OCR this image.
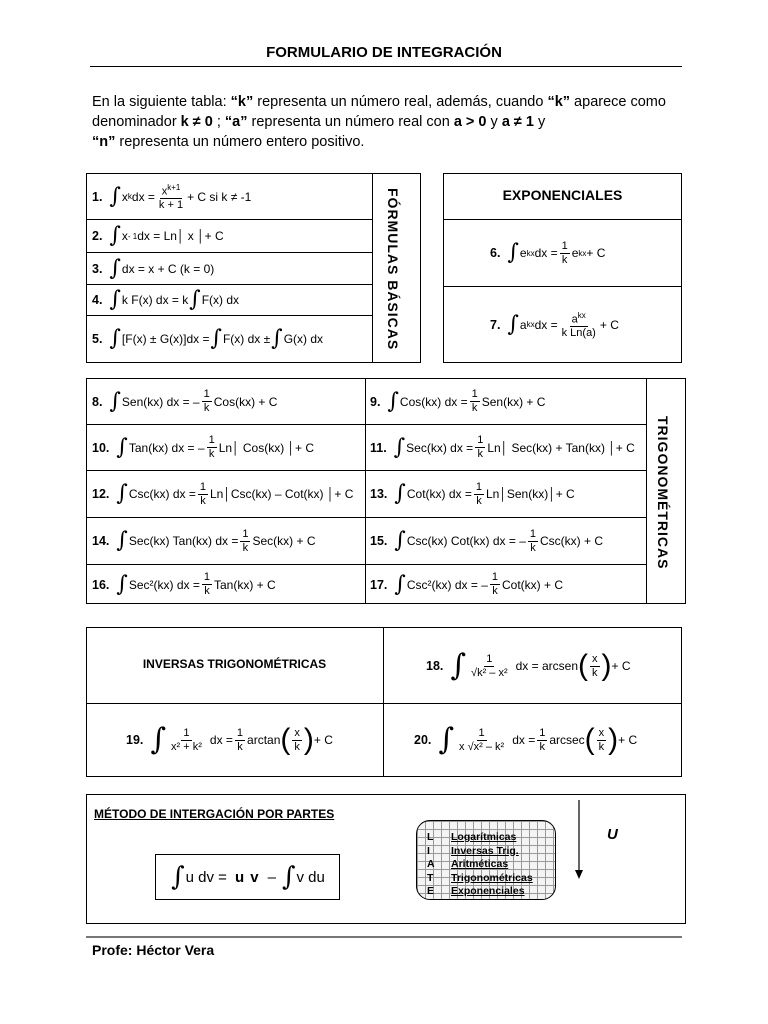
FORMULARIO DE INTEGRACIÓN
En la siguiente tabla: “k” representa un número real, además, cuando “k” aparece como denominador k ≠ 0 ; “a” representa un número real con a > 0 y a ≠ 1 y
“n” representa un número entero positivo.
FÓRMULAS BÁSICAS
1. ∫ x k dx = $\frac{x^{k+1}}{k + 1} + C$ si k ≠ -1
2. ∫ x - 1 dx = Ln│ x │+ C
3. ∫ dx = x + C (k = 0)
4. ∫ k F(x) dx = k ∫ F(x) dx
5. ∫ [F(x) ± G(x)]dx = ∫ F(x) dx ± ∫ G(x) dx
EXPONENCIALES
6. ∫ e kx dx = $\frac{1}{k}$ e kx + C
7. ∫ a kx dx = $\frac{a^{kx}}{\text{k Ln(a)}} + C$
TRIGONOMÉTRICAS
8. ∫ Sen(kx) dx = – $\frac{1}{k} Cos(kx) + C$	9. ∫ Cos(kx) dx = $\frac{1}{k} Sen(kx) + C$
10. ∫ Tan(kx) dx = – $\frac{1}{k}$ Ln│ Cos(kx) │+ C	11. ∫ Sec(kx) dx = $\frac{1}{k}$ Ln│ Sec(kx) + Tan(kx) │+ C
12. ∫ Csc(kx) dx = $\frac{1}{k}$ Ln│Csc(kx) – Cot(kx) │+ C 13. ∫ Cot(kx) dx = $\frac{1}{k}$ Ln│Sen(kx)│+ C
14. ∫ Sec(kx) Tan(kx) dx = $\frac{1}{k} Sec(kx) + C$	15. ∫ Csc(kx) Cot(kx) dx = – $\frac{1}{k} Csc(kx) + C$
16. ∫ Sec²(kx) dx = $\frac{1}{k} Tan(kx) + C$	17. ∫ Csc²(kx) dx = – $\frac{1}{k} Cot(kx) + C$
INVERSAS TRIGONOMÉTRICAS	18. ∫ $\frac{1}{\text{√k² – x²}}$ dx = arcsen ( $\frac{x}{k}$ ) + C
19. ∫ $\frac{1}{\text{x² + k²}}$ dx = $\frac{1}{k}$ arctan ( $\frac{x}{k}$ ) + C	20. ∫ $\frac{1}{\text{x √x² – k²}}$ dx = $\frac{1}{k}$ arcsec ( $\frac{x}{k}$ ) + C
MÉTODO DE INTERGACIÓN POR PARTES
∫ u dv = u v – ∫ v du
L	Logarítmicas
I	Inversas Trig.
A	Aritméticas
T	Trigonométricas
E	Exponenciales
U
Profe: Héctor Vera
